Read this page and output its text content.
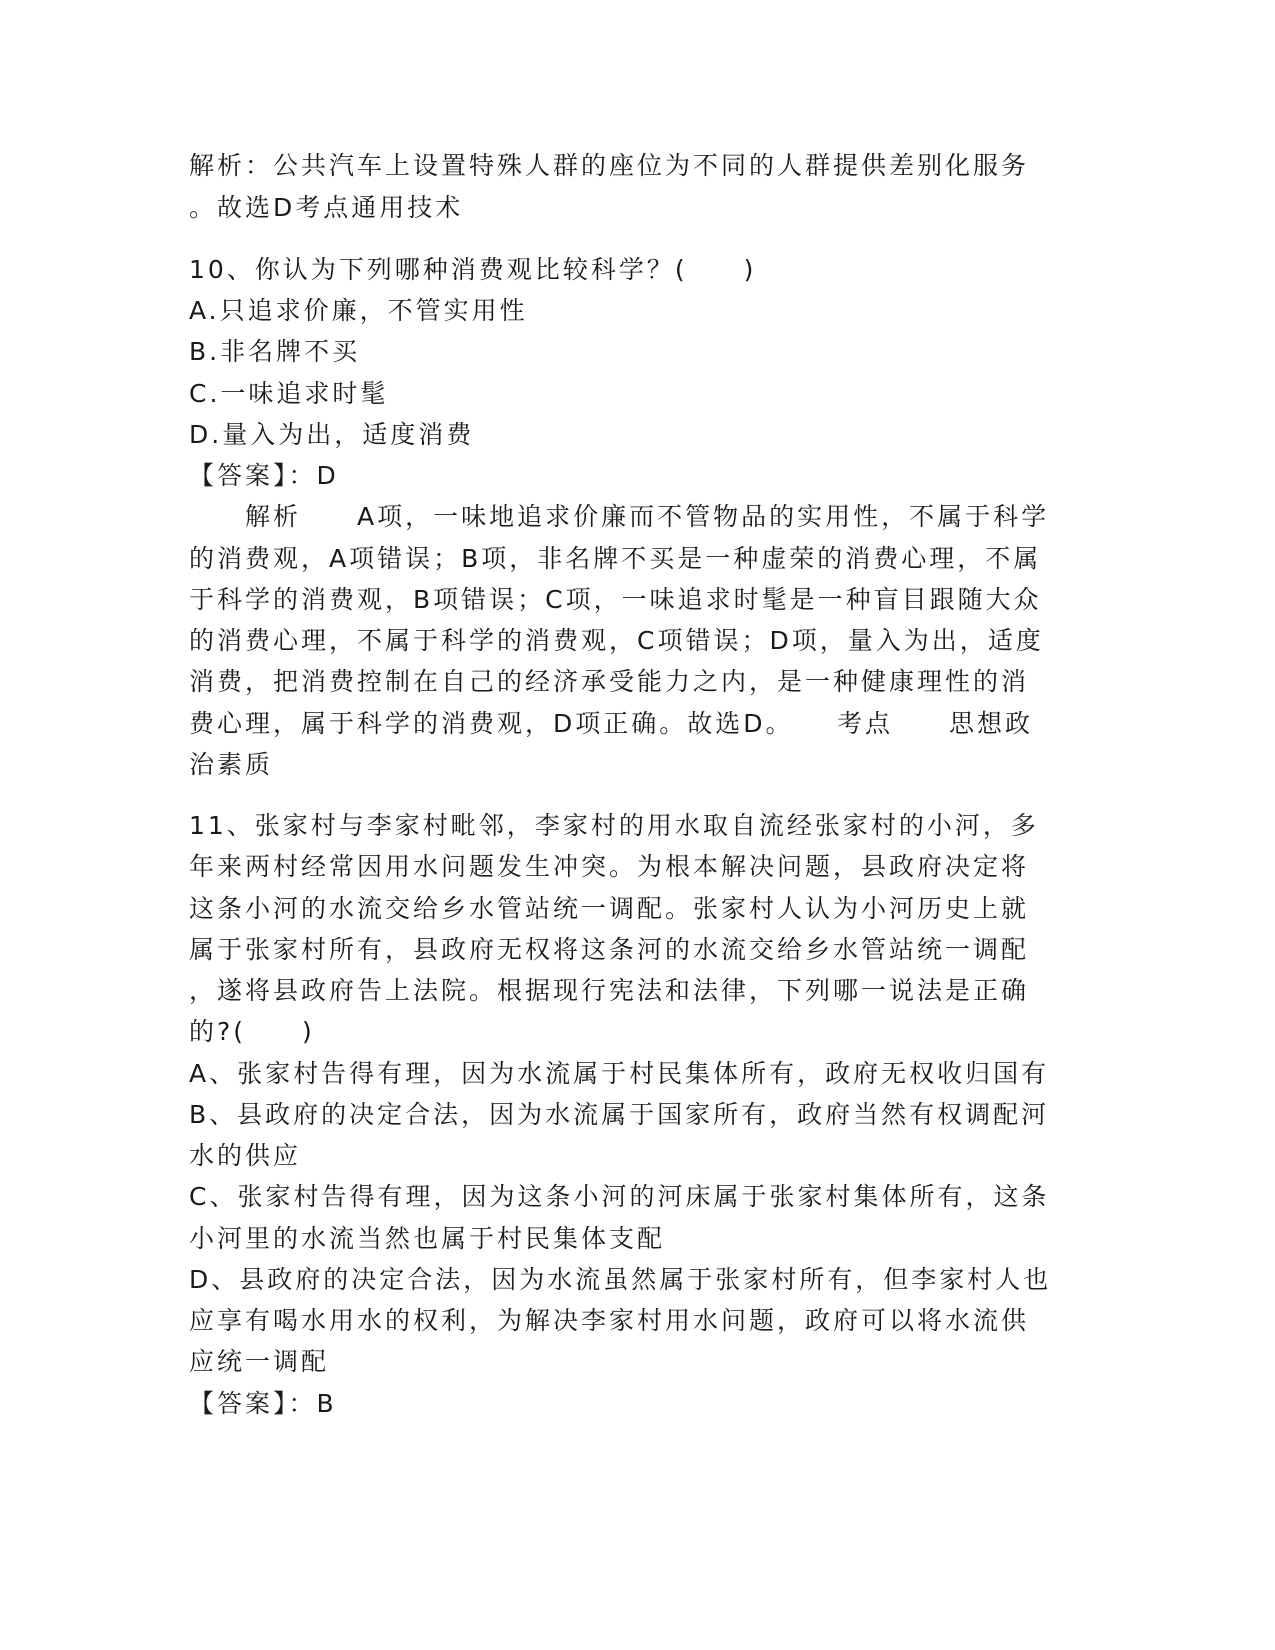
解析：公共汽车上设置特殊人群的座位为不同的人群提供差别化服务
。故选D考点通用技术
10、你认为下列哪种消费观比较科学？(　　)
A.只追求价廉，不管实用性
B.非名牌不买
C.一味追求时髦
D.量入为出，适度消费
【答案】：D
　　解析　　A项，一味地追求价廉而不管物品的实用性，不属于科学
的消费观，A项错误；B项，非名牌不买是一种虚荣的消费心理，不属
于科学的消费观，B项错误；C项，一味追求时髦是一种盲目跟随大众
的消费心理，不属于科学的消费观，C项错误；D项，量入为出，适度
消费，把消费控制在自己的经济承受能力之内，是一种健康理性的消
费心理，属于科学的消费观，D项正确。故选D。　　考点　　思想政
治素质
11、张家村与李家村毗邻，李家村的用水取自流经张家村的小河，多
年来两村经常因用水问题发生冲突。为根本解决问题，县政府决定将
这条小河的水流交给乡水管站统一调配。张家村人认为小河历史上就
属于张家村所有，县政府无权将这条河的水流交给乡水管站统一调配
，遂将县政府告上法院。根据现行宪法和法律，下列哪一说法是正确
的?(　　)
A、张家村告得有理，因为水流属于村民集体所有，政府无权收归国有
B、县政府的决定合法，因为水流属于国家所有，政府当然有权调配河
水的供应
C、张家村告得有理，因为这条小河的河床属于张家村集体所有，这条
小河里的水流当然也属于村民集体支配
D、县政府的决定合法，因为水流虽然属于张家村所有，但李家村人也
应享有喝水用水的权利，为解决李家村用水问题，政府可以将水流供
应统一调配
【答案】：B
